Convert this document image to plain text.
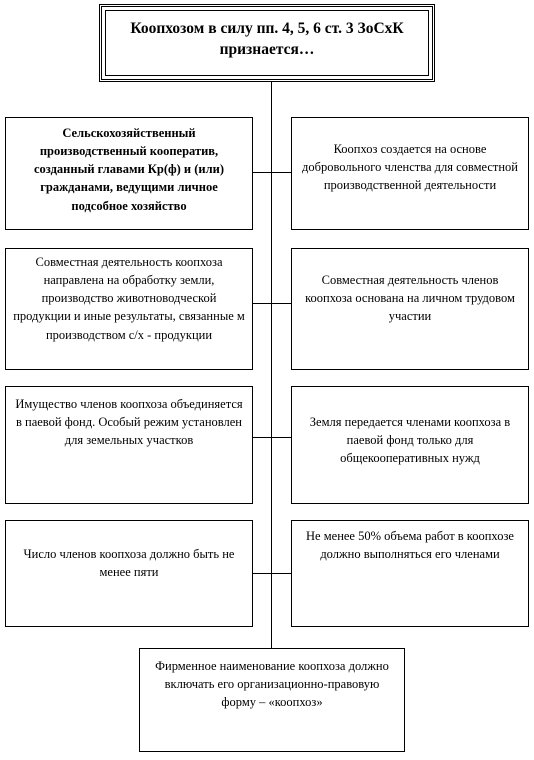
Коопхозом в силу пп. 4, 5, 6 ст. 3 ЗоСхК признается…
Сельскохозяйственный производственный кооператив, созданный главами Кр(ф) и (или) гражданами, ведущими личное подсобное хозяйство
Коопхоз создается на основе добровольного членства для совместной производственной деятельности
Совместная деятельность коопхоза направлена на обработку земли, производство животноводческой продукции и иные результаты, связанные м производством с/х - продукции
Совместная деятельность членов коопхоза основана на личном трудовом участии
Имущество членов коопхоза объединяется в паевой фонд. Особый режим установлен для земельных участков
Земля передается членами коопхоза в паевой фонд только для общекооперативных нужд
Число членов коопхоза должно быть не менее пяти
Не менее 50% объема работ в коопхозе должно выполняться его членами
Фирменное наименование коопхоза должно включать его организационно-правовую форму – «коопхоз»
